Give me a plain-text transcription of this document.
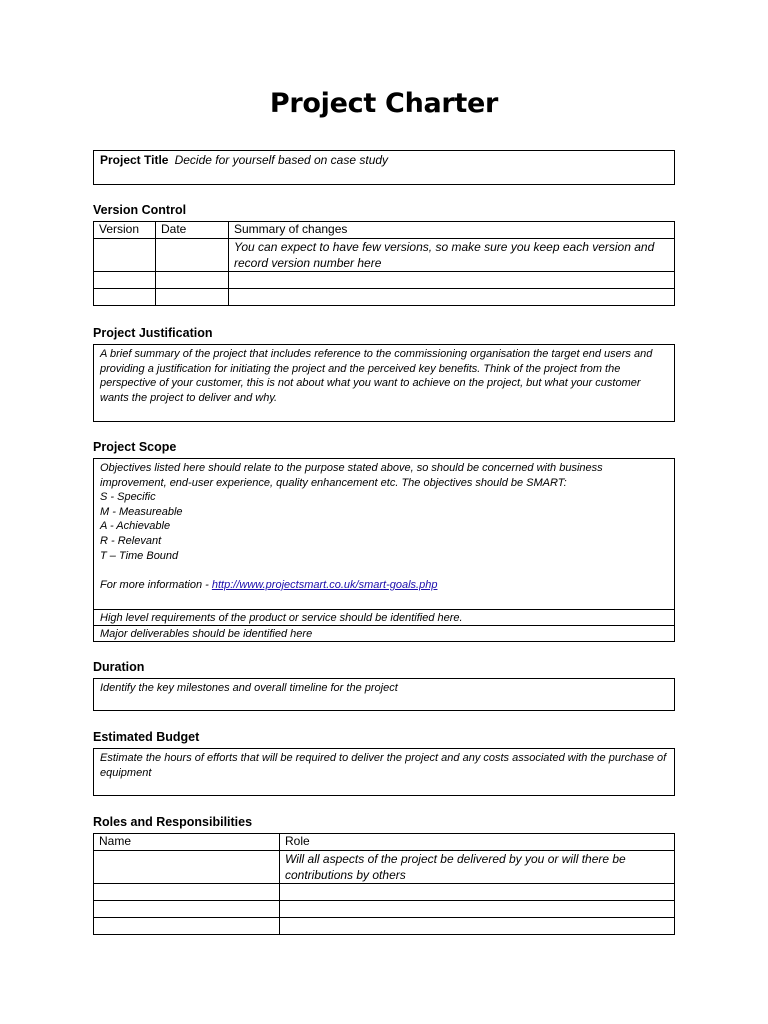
Project Charter
Project Title Decide for yourself based on case study
Version Control
Version	Date	Summary of changes
		You can expect to have few versions, so make sure you keep each version and record version number here

Project Justification
A brief summary of the project that includes reference to the commissioning organisation the target end users and providing a justification for initiating the project and the perceived key benefits. Think of the project from the perspective of your customer, this is not about what you want to achieve on the project, but what your customer wants the project to deliver and why.
Project Scope
Objectives listed here should relate to the purpose stated above, so should be concerned with business improvement, end-user experience, quality enhancement etc. The objectives should be SMART:
S - Specific
M - Measureable
A - Achievable
R - Relevant
T – Time Bound
For more information - http://www.projectsmart.co.uk/smart-goals.php
High level requirements of the product or service should be identified here.
Major deliverables should be identified here
Duration
Identify the key milestones and overall timeline for the project
Estimated Budget
Estimate the hours of efforts that will be required to deliver the project and any costs associated with the purchase of equipment
Roles and Responsibilities
Name	Role
	Will all aspects of the project be delivered by you or will there be contributions by others
